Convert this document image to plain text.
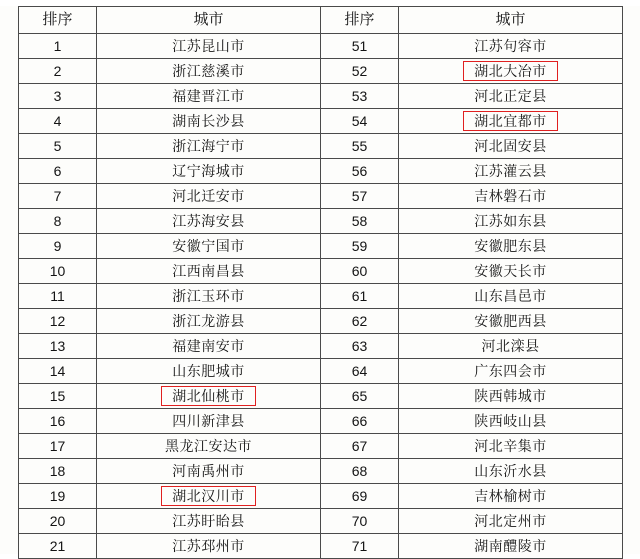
排序	城市	排序	城市
1	江苏昆山市	51	江苏句容市
2	浙江慈溪市	52	湖北大冶市
3	福建晋江市	53	河北正定县
4	湖南长沙县	54	湖北宜都市
5	浙江海宁市	55	河北固安县
6	辽宁海城市	56	江苏灌云县
7	河北迁安市	57	吉林磐石市
8	江苏海安县	58	江苏如东县
9	安徽宁国市	59	安徽肥东县
10	江西南昌县	60	安徽天长市
11	浙江玉环市	61	山东昌邑市
12	浙江龙游县	62	安徽肥西县
13	福建南安市	63	河北滦县
14	山东肥城市	64	广东四会市
15	湖北仙桃市	65	陕西韩城市
16	四川新津县	66	陕西岐山县
17	黑龙江安达市	67	河北辛集市
18	河南禹州市	68	山东沂水县
19	湖北汉川市	69	吉林榆树市
20	江苏盱眙县	70	河北定州市
21	江苏邳州市	71	湖南醴陵市
